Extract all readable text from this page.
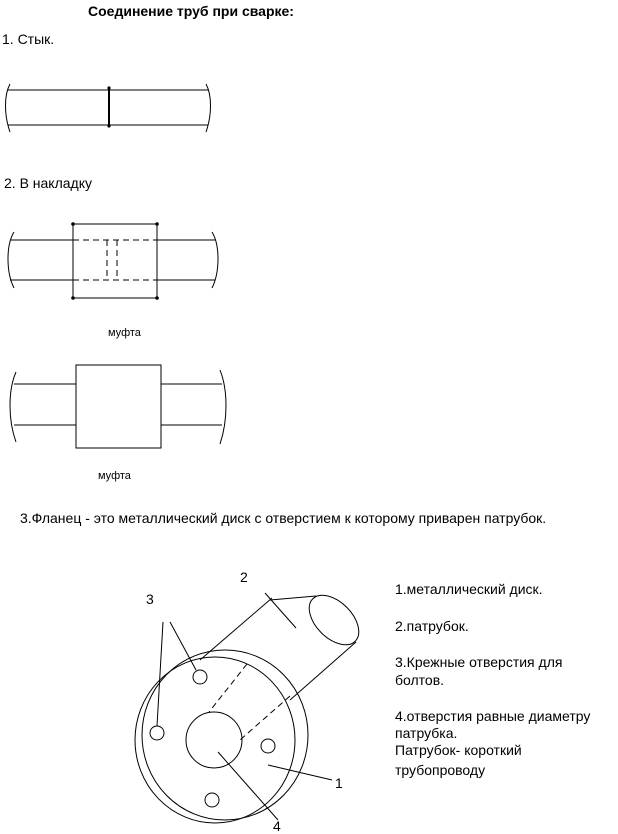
Соединение труб при сварке:
1. Стык.
2. В накладку
муфта
муфта
3.Фланец - это металлический диск с отверстием к которому приварен патрубок.
2
3
1
4
1.металлический диск.
2.патрубок.
3.Крежные отверстия для
болтов.
4.отверстия равные диаметру
патрубка.
Патрубок- короткий
трубопроводу
